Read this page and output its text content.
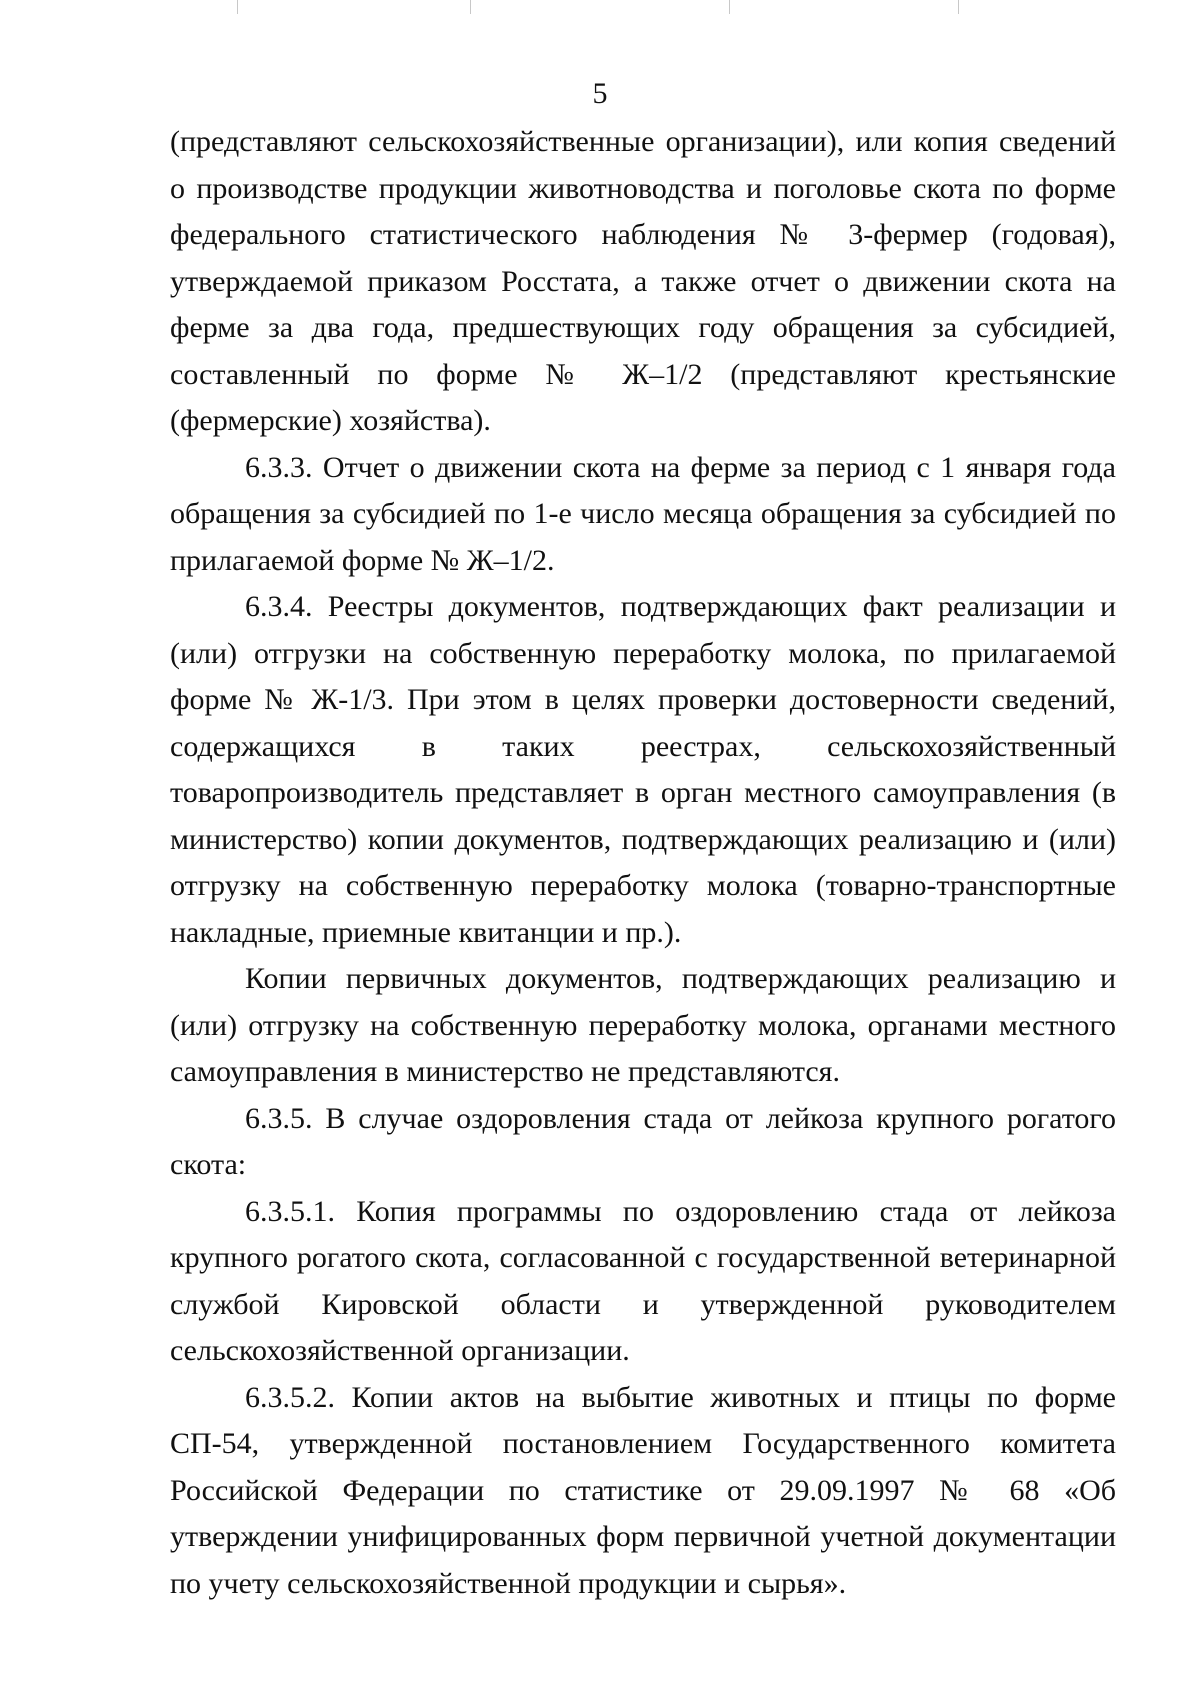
5

(представляют сельскохозяйственные организации), или копия сведений о производстве продукции животноводства и поголовье скота по форме федерального статистического наблюдения № 3-фермер (годовая), утверждаемой приказом Росстата, а также отчет о движении скота на ферме за два года, предшествующих году обращения за субсидией, составленный по форме № Ж–1/2 (представляют крестьянские (фермерские) хозяйства).

6.3.3. Отчет о движении скота на ферме за период с 1 января года обращения за субсидией по 1-е число месяца обращения за субсидией по прилагаемой форме № Ж–1/2.

6.3.4. Реестры документов, подтверждающих факт реализации и (или) отгрузки на собственную переработку молока, по прилагаемой форме № Ж-1/3. При этом в целях проверки достоверности сведений, содержащихся в таких реестрах, сельскохозяйственный товаропроизводитель представляет в орган местного самоуправления (в министерство) копии документов, подтверждающих реализацию и (или) отгрузку на собственную переработку молока (товарно-транспортные накладные, приемные квитанции и пр.).

Копии первичных документов, подтверждающих реализацию и (или) отгрузку на собственную переработку молока, органами местного самоуправления в министерство не представляются.

6.3.5. В случае оздоровления стада от лейкоза крупного рогатого скота:

6.3.5.1. Копия программы по оздоровлению стада от лейкоза крупного рогатого скота, согласованной с государственной ветеринарной службой Кировской области и утвержденной руководителем сельскохозяйственной организации.

6.3.5.2. Копии актов на выбытие животных и птицы по форме СП-54, утвержденной постановлением Государственного комитета Российской Федерации по статистике от 29.09.1997 № 68 «Об утверждении унифицированных форм первичной учетной документации по учету сельскохозяйственной продукции и сырья».
